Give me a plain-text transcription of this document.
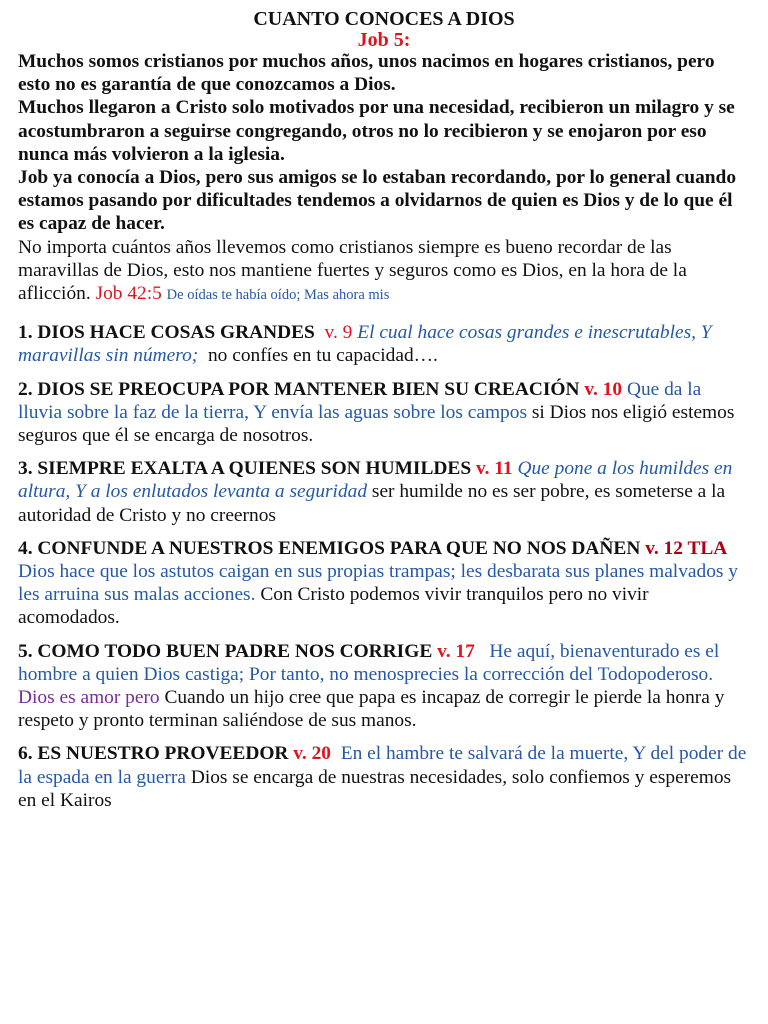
CUANTO CONOCES A DIOS

Job 5:

Muchos somos cristianos por muchos años, unos nacimos en hogares cristianos, pero esto no es garantía de que conozcamos a Dios.

Muchos llegaron a Cristo solo motivados por una necesidad, recibieron un milagro y se acostumbraron a seguirse congregando, otros no lo recibieron y se enojaron por eso nunca más volvieron a la iglesia.

Job ya conocía a Dios, pero sus amigos se lo estaban recordando, por lo general cuando estamos pasando por dificultades tendemos a olvidarnos de quien es Dios y de lo que él es capaz de hacer.

No importa cuántos años llevemos como cristianos siempre es bueno recordar de las maravillas de Dios, esto nos mantiene fuertes y seguros como es Dios, en la hora de la aflicción. Job 42:5 De oídas te había oído; Mas ahora mis

1. DIOS HACE COSAS GRANDES v. 9 El cual hace cosas grandes e inescrutables, Y maravillas sin número; no confíes en tu capacidad….

2. DIOS SE PREOCUPA POR MANTENER BIEN SU CREACIÓN v. 10 Que da la lluvia sobre la faz de la tierra, Y envía las aguas sobre los campos si Dios nos eligió estemos seguros que él se encarga de nosotros.

3. SIEMPRE EXALTA A QUIENES SON HUMILDES v. 11 Que pone a los humildes en altura, Y a los enlutados levanta a seguridad ser humilde no es ser pobre, es someterse a la autoridad de Cristo y no creernos

4. CONFUNDE A NUESTROS ENEMIGOS PARA QUE NO NOS DAÑEN v. 12 TLA Dios hace que los astutos caigan en sus propias trampas; les desbarata sus planes malvados y les arruina sus malas acciones. Con Cristo podemos vivir tranquilos pero no vivir acomodados.

5. COMO TODO BUEN PADRE NOS CORRIGE v. 17 He aquí, bienaventurado es el hombre a quien Dios castiga; Por tanto, no menosprecies la corrección del Todopoderoso.  Dios es amor pero Cuando un hijo cree que papa es incapaz de corregir le pierde la honra y respeto y pronto terminan saliéndose de sus manos.

6. ES NUESTRO PROVEEDOR v. 20 En el hambre te salvará de la muerte, Y del poder de la espada en la guerra Dios se encarga de nuestras necesidades, solo confiemos y esperemos en el Kairos
